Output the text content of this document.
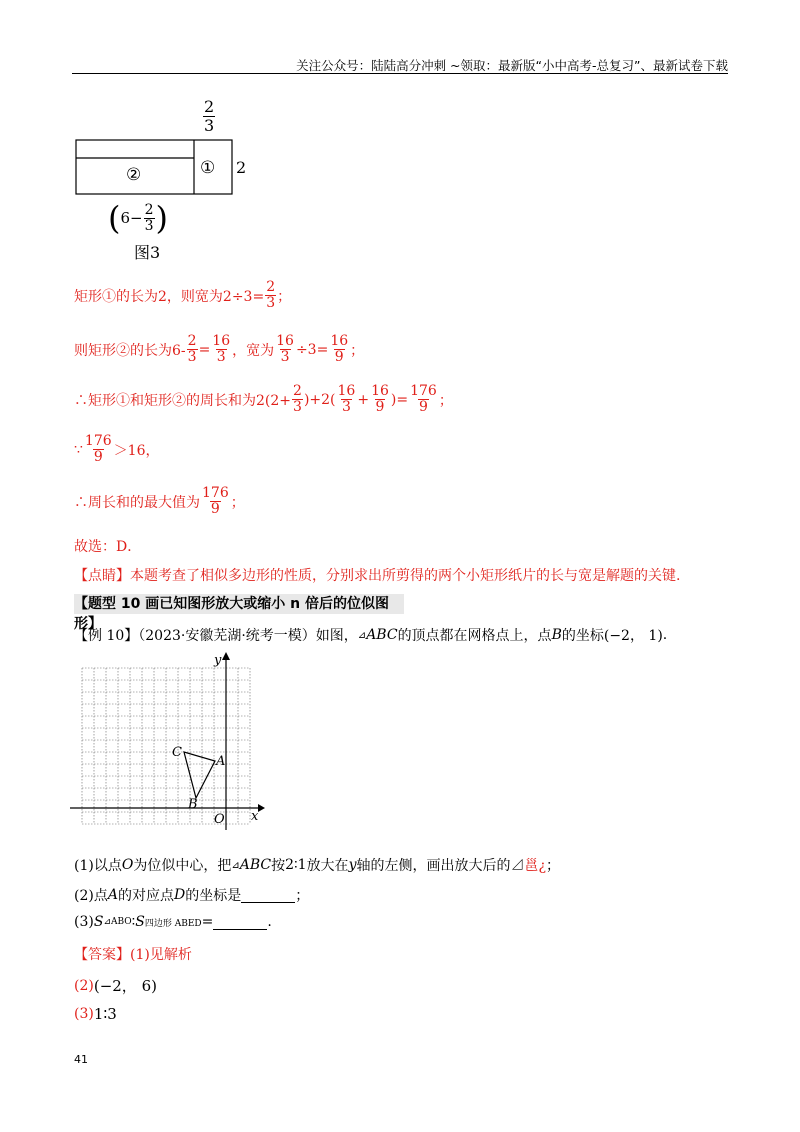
关注公众号：陆陆高分冲刺 ~领取：最新版“小中高考-总复习”、最新试卷下载
$\frac{2}{3}$
①
②	2
( $6- \frac{2}{3}$ )
图3
矩形①的长为2，则宽为$2\div 3= \frac{2}{3}$ ；
则矩形②的长为$6- \frac{2}{3} = \frac{16}{3}$ ，宽为 $\frac{16}{3} \div 3= \frac{16}{9}$ ；
∴矩形①和矩形②的周长和为$2(2+ \frac{2}{3} )+2( \frac{16}{3} + \frac{16}{9}$ )= $\frac{176}{9}$ ；
∵ $\frac{176}{9} >16$，
∴周长和的最大值为 $\frac{176}{9}$ ；
故选：D．
【点睛】本题考查了相似多边形的性质，分别求出所剪得的两个小矩形纸片的长与宽是解题的关键.
【题型 10 画已知图形放大或缩小 n 倍后的位似图形】
【例 10】（2023·安徽芜湖·统考一模）如图， ⊿ ABC 的顶点都在网格点上，点 B 的坐标 (−2， 1) .
x
y
O
A
B
C
(1)以点 O 为位似中心，把 ⊿ ABC 按 2∶1 放大在 y 轴的左侧，画出放大后的⊿ 邕¿ ；
(2)点 A 的对应点 D 的坐标是	；
(3) S ⊿ABO ∶ S 四边形 ABED =	.
【答案】 (1)见解析
(2) (−2， 6)
(3) 1∶3
41
